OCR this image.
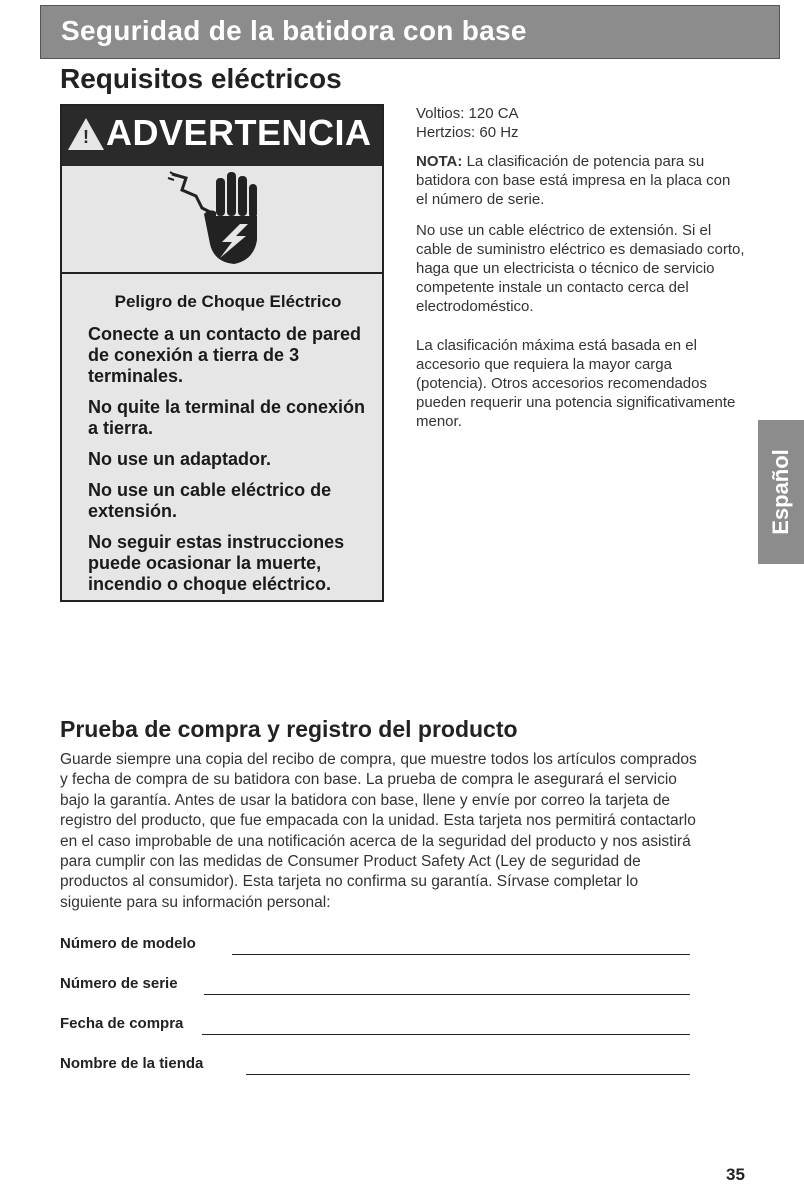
Seguridad de la batidora con base
Requisitos eléctricos
! ADVERTENCIA
Peligro de Choque Eléctrico

Conecte a un contacto de pared de conexión a tierra de 3 terminales.

No quite la terminal de conexión a tierra.

No use un adaptador.

No use un cable eléctrico de extensión.

No seguir estas instrucciones puede ocasionar la muerte, incendio o choque eléctrico.

Voltios: 120 CA
Hertzios: 60 Hz

NOTA: La clasificación de potencia para su batidora con base está impresa en la placa con el número de serie.

No use un cable eléctrico de extensión. Si el cable de suministro eléctrico es demasiado corto, haga que un electricista o técnico de servicio competente instale un contacto cerca del electrodoméstico.

La clasificación máxima está basada en el accesorio que requiera la mayor carga (potencia). Otros accesorios recomendados pueden requerir una potencia significativamente menor.

Español
Prueba de compra y registro del producto
Guarde siempre una copia del recibo de compra, que muestre todos los artículos comprados y fecha de compra de su batidora con base. La prueba de compra le asegurará el servicio bajo la garantía. Antes de usar la batidora con base, llene y envíe por correo la tarjeta de registro del producto, que fue empacada con la unidad. Esta tarjeta nos permitirá contactarlo en el caso improbable de una notificación acerca de la seguridad del producto y nos asistirá para cumplir con las medidas de Consumer Product Safety Act (Ley de seguridad de productos al consumidor). Esta tarjeta no confirma su garantía. Sírvase completar lo siguiente para su información personal:
Número de modelo
Número de serie
Fecha de compra
Nombre de la tienda
35
